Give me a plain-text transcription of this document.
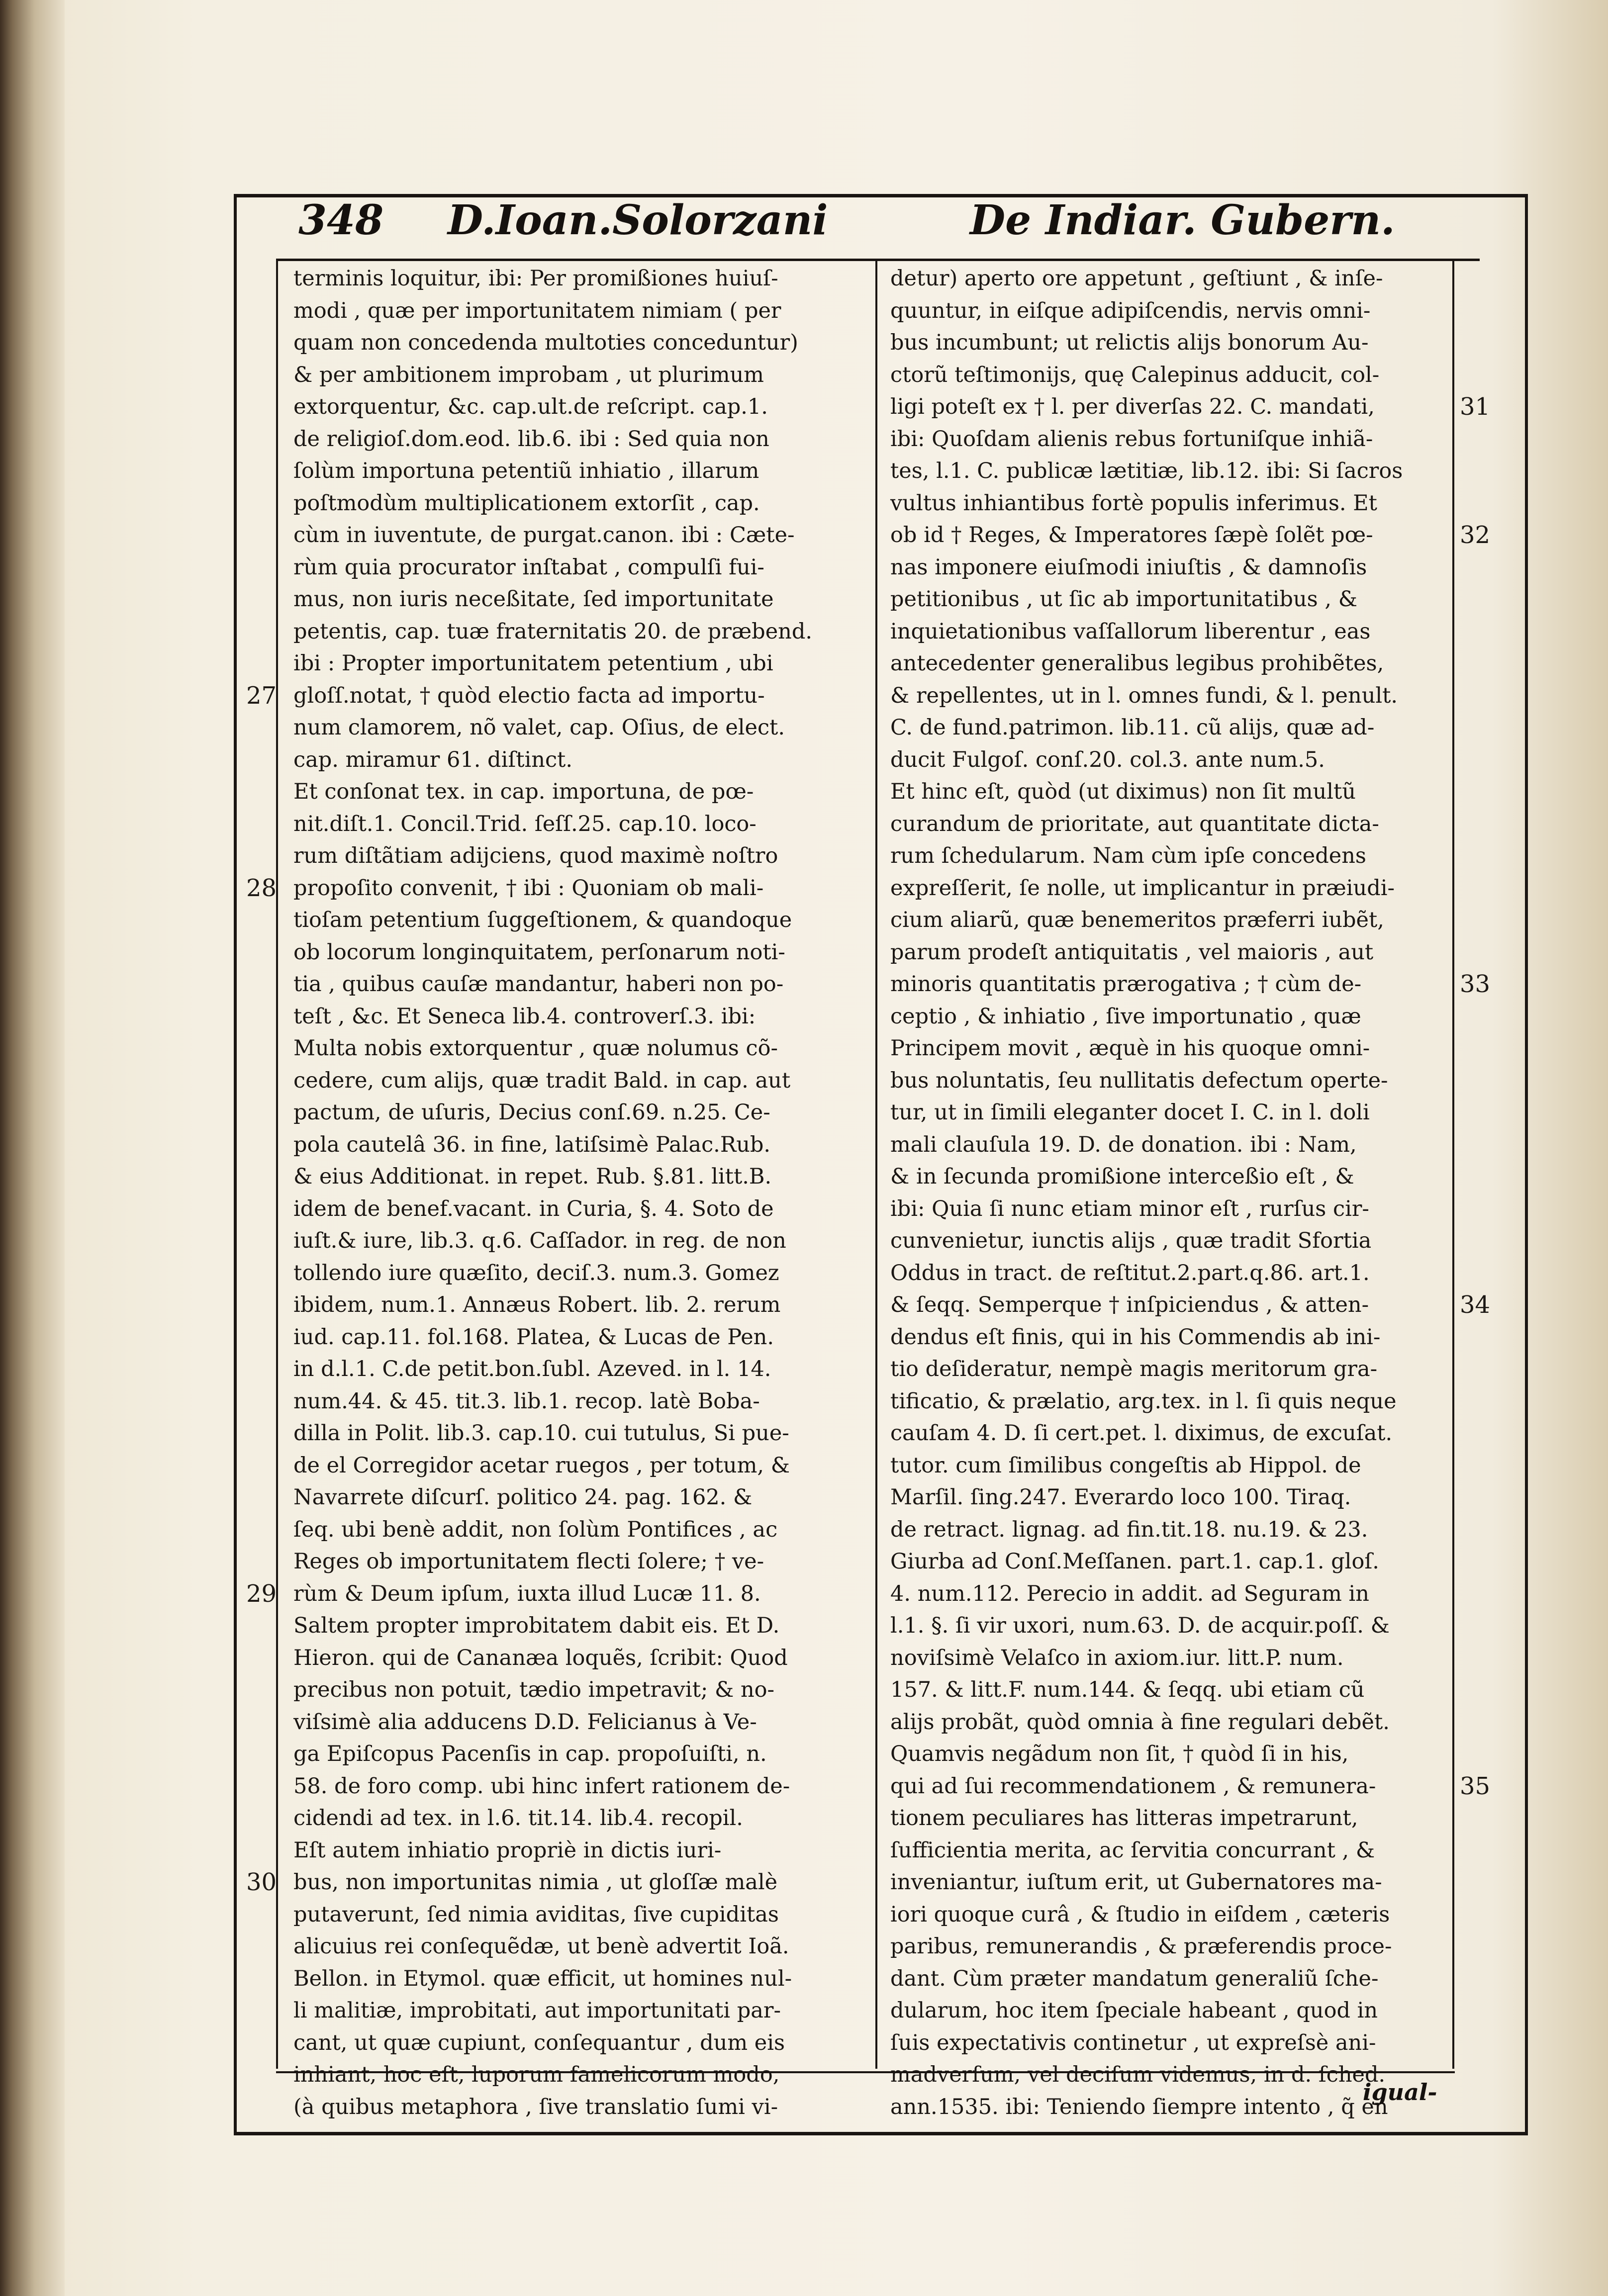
348 D.Ioan.Solorzani	De Indiar. Gubern.
terminis loquitur, ibi: Per promißiones huiuſ-
modi , quæ per importunitatem nimiam ( per
quam non concedenda multoties conceduntur)
& per ambitionem improbam , ut plurimum
extorquentur, &c. cap.ult.de reſcript. cap.1.
de religioſ.dom.eod. lib.6. ibi : Sed quia non
ſolùm importuna petentiũ inhiatio , illarum
poſtmodùm multiplicationem extorſit , cap.
cùm in iuventute, de purgat.canon. ibi : Cæte-
rùm quia procurator inſtabat , compulſi fui-
mus, non iuris neceßitate, ſed importunitate
petentis, cap. tuæ fraternitatis 20. de præbend.
ibi : Propter importunitatem petentium , ubi
gloſſ.notat, † quòd electio facta ad importu-
num clamorem, nõ valet, cap. Oſius, de elect.
cap. miramur 61. diſtinct.
Et conſonat tex. in cap. importuna, de pœ-
nit.diſt.1. Concil.Trid. ſeſſ.25. cap.10. loco-
rum diſtãtiam adijciens, quod maximè noſtro
propoſito convenit, † ibi : Quoniam ob mali-
tioſam petentium ſuggeſtionem, & quandoque
ob locorum longinquitatem, perſonarum noti-
tia , quibus cauſæ mandantur, haberi non po-
teſt , &c. Et Seneca lib.4. controverſ.3. ibi:
Multa nobis extorquentur , quæ nolumus cõ-
cedere, cum alijs, quæ tradit Bald. in cap. aut
pactum, de uſuris, Decius conſ.69. n.25. Ce-
pola cautelâ 36. in fine, latiſsimè Palac.Rub.
& eius Additionat. in repet. Rub. §.81. litt.B.
idem de benef.vacant. in Curia, §. 4. Soto de
iuſt.& iure, lib.3. q.6. Caſſador. in reg. de non
tollendo iure quæſito, deciſ.3. num.3. Gomez
ibidem, num.1. Annæus Robert. lib. 2. rerum
iud. cap.11. fol.168. Platea, & Lucas de Pen.
in d.l.1. C.de petit.bon.ſubl. Azeved. in l. 14.
num.44. & 45. tit.3. lib.1. recop. latè Boba-
dilla in Polit. lib.3. cap.10. cui tutulus, Si pue-
de el Corregidor acetar ruegos , per totum, &
Navarrete diſcurſ. politico 24. pag. 162. &
ſeq. ubi benè addit, non ſolùm Pontifices , ac
Reges ob importunitatem flecti ſolere; † ve-
rùm & Deum ipſum, iuxta illud Lucæ 11. 8.
Saltem propter improbitatem dabit eis. Et D.
Hieron. qui de Cananæa loquẽs, ſcribit: Quod
precibus non potuit, tædio impetravit; & no-
viſsimè alia adducens D.D. Felicianus à Ve-
ga Epiſcopus Pacenſis in cap. propoſuiſti, n.
58. de foro comp. ubi hinc infert rationem de-
cidendi ad tex. in l.6. tit.14. lib.4. recopil.
Eſt autem inhiatio propriè in dictis iuri-
bus, non importunitas nimia , ut gloſſæ malè
putaverunt, ſed nimia aviditas, ſive cupiditas
alicuius rei conſequẽdæ, ut benè advertit Ioã.
Bellon. in Etymol. quæ efficit, ut homines nul-
li malitiæ, improbitati, aut importunitati par-
cant, ut quæ cupiunt, conſequantur , dum eis
inhiant, hoc eſt, luporum famelicorum modo,
(à quibus metaphora , ſive translatio ſumi vi-
detur) aperto ore appetunt , geſtiunt , & inſe-
quuntur, in eiſque adipiſcendis, nervis omni-
bus incumbunt; ut relictis alijs bonorum Au-
ctorũ teſtimonijs, quę Calepinus adducit, col-
ligi poteſt ex † l. per diverſas 22. C. mandati,
ibi: Quoſdam alienis rebus fortuniſque inhiã-
tes, l.1. C. publicæ lætitiæ, lib.12. ibi: Si ſacros
vultus inhiantibus fortè populis inferimus. Et
ob id † Reges, & Imperatores ſæpè ſolẽt pœ-
nas imponere eiuſmodi iniuſtis , & damnoſis
petitionibus , ut ſic ab importunitatibus , &
inquietationibus vaſſallorum liberentur , eas
antecedenter generalibus legibus prohibẽtes,
& repellentes, ut in l. omnes fundi, & l. penult.
C. de fund.patrimon. lib.11. cũ alijs, quæ ad-
ducit Fulgoſ. conſ.20. col.3. ante num.5.
Et hinc eſt, quòd (ut diximus) non ſit multũ
curandum de prioritate, aut quantitate dicta-
rum ſchedularum. Nam cùm ipſe concedens
expreſſerit, ſe nolle, ut implicantur in præiudi-
cium aliarũ, quæ benemeritos præferri iubẽt,
parum prodeſt antiquitatis , vel maioris , aut
minoris quantitatis prærogativa ; † cùm de-
ceptio , & inhiatio , ſive importunatio , quæ
Principem movit , æquè in his quoque omni-
bus noluntatis, ſeu nullitatis defectum operte-
tur, ut in ſimili eleganter docet I. C. in l. doli
mali clauſula 19. D. de donation. ibi : Nam,
& in ſecunda promißione interceßio eſt , &
ibi: Quia ſi nunc etiam minor eſt , rurſus cir-
cunvenietur, iunctis alijs , quæ tradit Sfortia
Oddus in tract. de reſtitut.2.part.q.86. art.1.
& ſeqq. Semperque † inſpiciendus , & atten-
dendus eſt finis, qui in his Commendis ab ini-
tio deſideratur, nempè magis meritorum gra-
tificatio, & prælatio, arg.tex. in l. ſi quis neque
cauſam 4. D. ſi cert.pet. l. diximus, de excuſat.
tutor. cum ſimilibus congeſtis ab Hippol. de
Marſil. ſing.247. Everardo loco 100. Tiraq.
de retract. lignag. ad fin.tit.18. nu.19. & 23.
Giurba ad Conſ.Meſſanen. part.1. cap.1. gloſ.
4. num.112. Perecio in addit. ad Seguram in
l.1. §. ſi vir uxori, num.63. D. de acquir.poſſ. &
noviſsimè Velaſco in axiom.iur. litt.P. num.
157. & litt.F. num.144. & ſeqq. ubi etiam cũ
alijs probãt, quòd omnia à fine regulari debẽt.
Quamvis negãdum non ſit, † quòd ſi in his,
qui ad ſui recommendationem , & remunera-
tionem peculiares has litteras impetrarunt,
ſufficientia merita, ac ſervitia concurrant , &
inveniantur, iuſtum erit, ut Gubernatores ma-
iori quoque curâ , & ſtudio in eiſdem , cæteris
paribus, remunerandis , & præferendis proce-
dant. Cùm præter mandatum generaliũ ſche-
dularum, hoc item ſpeciale habeant , quod in
ſuis expectativis continetur , ut expreſsè ani-
madverſum, vel deciſum videmus, in d. ſched.
ann.1535. ibi: Teniendo ſiempre intento , q̃ en
27
28
29
30
31
32
33
34
35
igual-
